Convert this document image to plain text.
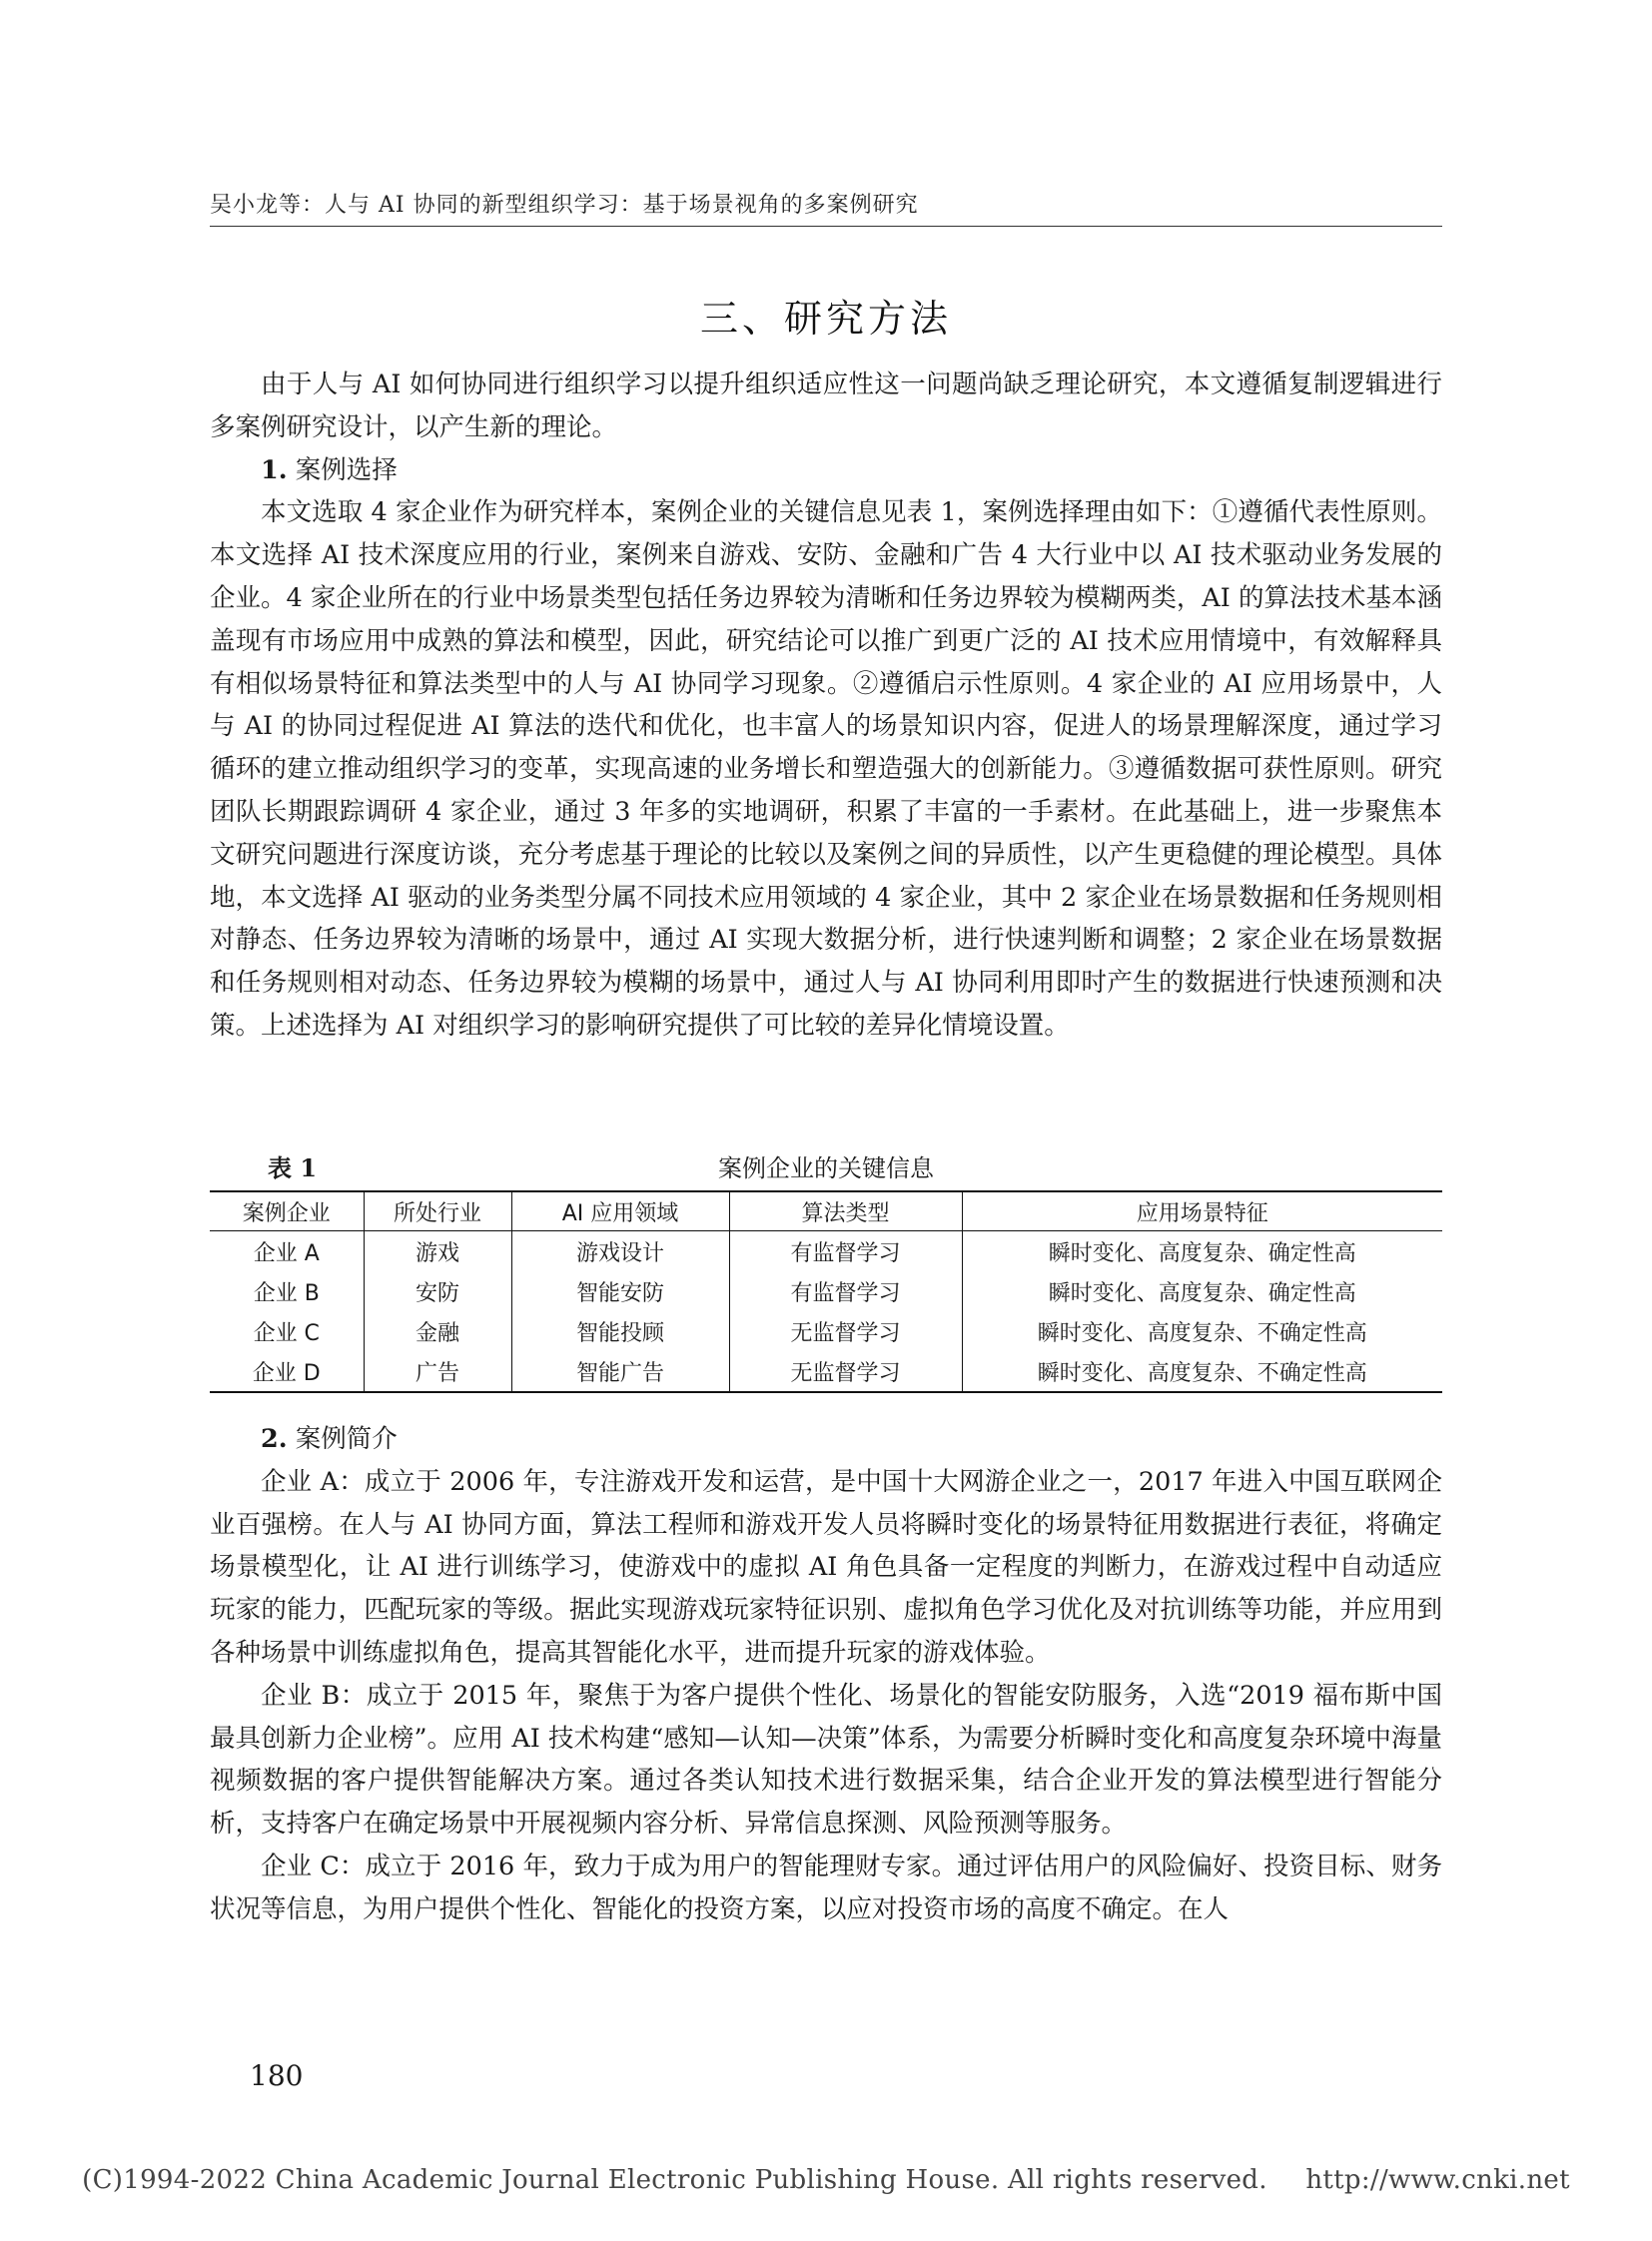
吴小龙等：人与 AI 协同的新型组织学习：基于场景视角的多案例研究
三、研究方法

由于人与 AI 如何协同进行组织学习以提升组织适应性这一问题尚缺乏理论研究，本文遵循复制逻辑进行多案例研究设计，以产生新的理论。

1. 案例选择

本文选取 4 家企业作为研究样本，案例企业的关键信息见表 1，案例选择理由如下：①遵循代表性原则。本文选择 AI 技术深度应用的行业，案例来自游戏、安防、金融和广告 4 大行业中以 AI 技术驱动业务发展的企业。4 家企业所在的行业中场景类型包括任务边界较为清晰和任务边界较为模糊两类，AI 的算法技术基本涵盖现有市场应用中成熟的算法和模型，因此，研究结论可以推广到更广泛的 AI 技术应用情境中，有效解释具有相似场景特征和算法类型中的人与 AI 协同学习现象。②遵循启示性原则。4 家企业的 AI 应用场景中，人与 AI 的协同过程促进 AI 算法的迭代和优化，也丰富人的场景知识内容，促进人的场景理解深度，通过学习循环的建立推动组织学习的变革，实现高速的业务增长和塑造强大的创新能力。③遵循数据可获性原则。研究团队长期跟踪调研 4 家企业，通过 3 年多的实地调研，积累了丰富的一手素材。在此基础上，进一步聚焦本文研究问题进行深度访谈，充分考虑基于理论的比较以及案例之间的异质性，以产生更稳健的理论模型。具体地，本文选择 AI 驱动的业务类型分属不同技术应用领域的 4 家企业，其中 2 家企业在场景数据和任务规则相对静态、任务边界较为清晰的场景中，通过 AI 实现大数据分析，进行快速判断和调整；2 家企业在场景数据和任务规则相对动态、任务边界较为模糊的场景中，通过人与 AI 协同利用即时产生的数据进行快速预测和决策。上述选择为 AI 对组织学习的影响研究提供了可比较的差异化情境设置。

表 1	案例企业的关键信息
案例企业	所处行业	AI 应用领域	算法类型	应用场景特征
企业 A	游戏	游戏设计	有监督学习	瞬时变化、高度复杂、确定性高
企业 B	安防	智能安防	有监督学习	瞬时变化、高度复杂、确定性高
企业 C	金融	智能投顾	无监督学习	瞬时变化、高度复杂、不确定性高
企业 D	广告	智能广告	无监督学习	瞬时变化、高度复杂、不确定性高

2. 案例简介

企业 A：成立于 2006 年，专注游戏开发和运营，是中国十大网游企业之一，2017 年进入中国互联网企业百强榜。在人与 AI 协同方面，算法工程师和游戏开发人员将瞬时变化的场景特征用数据进行表征，将确定场景模型化，让 AI 进行训练学习，使游戏中的虚拟 AI 角色具备一定程度的判断力，在游戏过程中自动适应玩家的能力，匹配玩家的等级。据此实现游戏玩家特征识别、虚拟角色学习优化及对抗训练等功能，并应用到各种场景中训练虚拟角色，提高其智能化水平，进而提升玩家的游戏体验。

企业 B：成立于 2015 年，聚焦于为客户提供个性化、场景化的智能安防服务，入选“2019 福布斯中国最具创新力企业榜”。应用 AI 技术构建“感知—认知—决策”体系，为需要分析瞬时变化和高度复杂环境中海量视频数据的客户提供智能解决方案。通过各类认知技术进行数据采集，结合企业开发的算法模型进行智能分析，支持客户在确定场景中开展视频内容分析、异常信息探测、风险预测等服务。

企业 C：成立于 2016 年，致力于成为用户的智能理财专家。通过评估用户的风险偏好、投资目标、财务状况等信息，为用户提供个性化、智能化的投资方案，以应对投资市场的高度不确定。在人

180
(C)1994-2022 China Academic Journal Electronic Publishing House. All rights reserved. http://www.cnki.net
